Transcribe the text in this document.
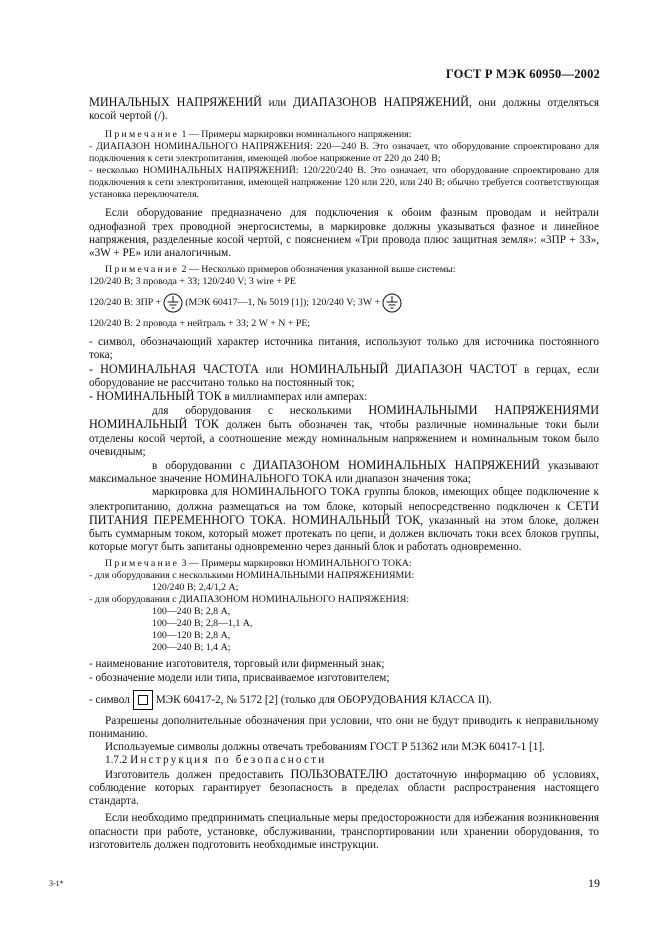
ГОСТ Р МЭК 60950—2002

МИНАЛЬНЫХ НАПРЯЖЕНИЙ или ДИАПАЗОНОВ НАПРЯЖЕНИЙ, они должны отделяться косой чертой (/).

Примечание 1 — Примеры маркировки номинального напряжения:

- ДИАПАЗОН НОМИНАЛЬНОГО НАПРЯЖЕНИЯ: 220—240 В. Это означает, что оборудование спроектировано для подключения к сети электропитания, имеющей любое напряжение от 220 до 240 В;

- несколько НОМИНАЛЬНЫХ НАПРЯЖЕНИЙ: 120/220/240 В. Это означает, что оборудование спроектировано для подключения к сети электропитания, имеющей напряжение 120 или 220, или 240 В; обычно требуется соответствующая установка переключателя.

Если оборудование предназначено для подключения к обоим фазным проводам и нейтрали однофазной трех проводной энергосистемы, в маркировке должны указываться фазное и линейное напряжения, разделенные косой чертой, с пояснением «Три провода плюс защитная земля»: «3ПР + 3З», «3W + PE» или аналогичным.

Примечание 2 — Несколько примеров обозначения указанной выше системы:

120/240 В; 3 провода + 3З; 120/240 V; 3 wire + PE

120/240 В: 3ПР + (МЭК 60417—1, № 5019 [1]); 120/240 V; 3W +

120/240 В: 2 провода + нейтраль + 3З; 2 W + N + PE;

- символ, обозначающий характер источника питания, используют только для источника постоянного тока;

- НОМИНАЛЬНАЯ ЧАСТОТА или НОМИНАЛЬНЫЙ ДИАПАЗОН ЧАСТОТ в герцах, если оборудование не рассчитано только на постоянный ток;

- НОМИНАЛЬНЫЙ ТОК в миллиамперах или амперах:

для оборудования с несколькими НОМИНАЛЬНЫМИ НАПРЯЖЕНИЯМИ НОМИНАЛЬНЫЙ ТОК должен быть обозначен так, чтобы различные номинальные токи были отделены косой чертой, а соотношение между номинальным напряжением и номинальным током было очевидным;

в оборудовании с ДИАПАЗОНОМ НОМИНАЛЬНЫХ НАПРЯЖЕНИЙ указывают максимальное значение НОМИНАЛЬНОГО ТОКА или диапазон значения тока;

маркировка для НОМИНАЛЬНОГО ТОКА группы блоков, имеющих общее подключение к электропитанию, должна размещаться на том блоке, который непосредственно подключен к СЕТИ ПИТАНИЯ ПЕРЕМЕННОГО ТОКА. НОМИНАЛЬНЫЙ ТОК, указанный на этом блоке, должен быть суммарным током, который может протекать по цепи, и должен включать токи всех блоков группы, которые могут быть запитаны одновременно через данный блок и работать одновременно.

Примечание 3 — Примеры маркировки НОМИНАЛЬНОГО ТОКА:

- для оборудования с несколькими НОМИНАЛЬНЫМИ НАПРЯЖЕНИЯМИ:

120/240 В; 2,4/1,2 А;

- для оборудования с ДИАПАЗОНОМ НОМИНАЛЬНОГО НАПРЯЖЕНИЯ:

100—240 В; 2,8 А,

100—240 В; 2,8—1,1 А,

100—120 В; 2,8 А,

200—240 В; 1,4 А;

- наименование изготовителя, торговый или фирменный знак;

- обозначение модели или типа, присваиваемое изготовителем;

- символ МЭК 60417-2, № 5172 [2] (только для ОБОРУДОВАНИЯ КЛАССА II).

Разрешены дополнительные обозначения при условии, что они не будут приводить к неправильному пониманию.

Используемые символы должны отвечать требованиям ГОСТ Р 51362 или МЭК 60417-1 [1].

1.7.2 Инструкция по безопасности

Изготовитель должен предоставить ПОЛЬЗОВАТЕЛЮ достаточную информацию об условиях, соблюдение которых гарантирует безопасность в пределах области распространения настоящего стандарта.

Если необходимо предпринимать специальные меры предосторожности для избежания возникновения опасности при работе, установке, обслуживании, транспортировании или хранении оборудования, то изготовитель должен подготовить необходимые инструкции.

3-1*	19
